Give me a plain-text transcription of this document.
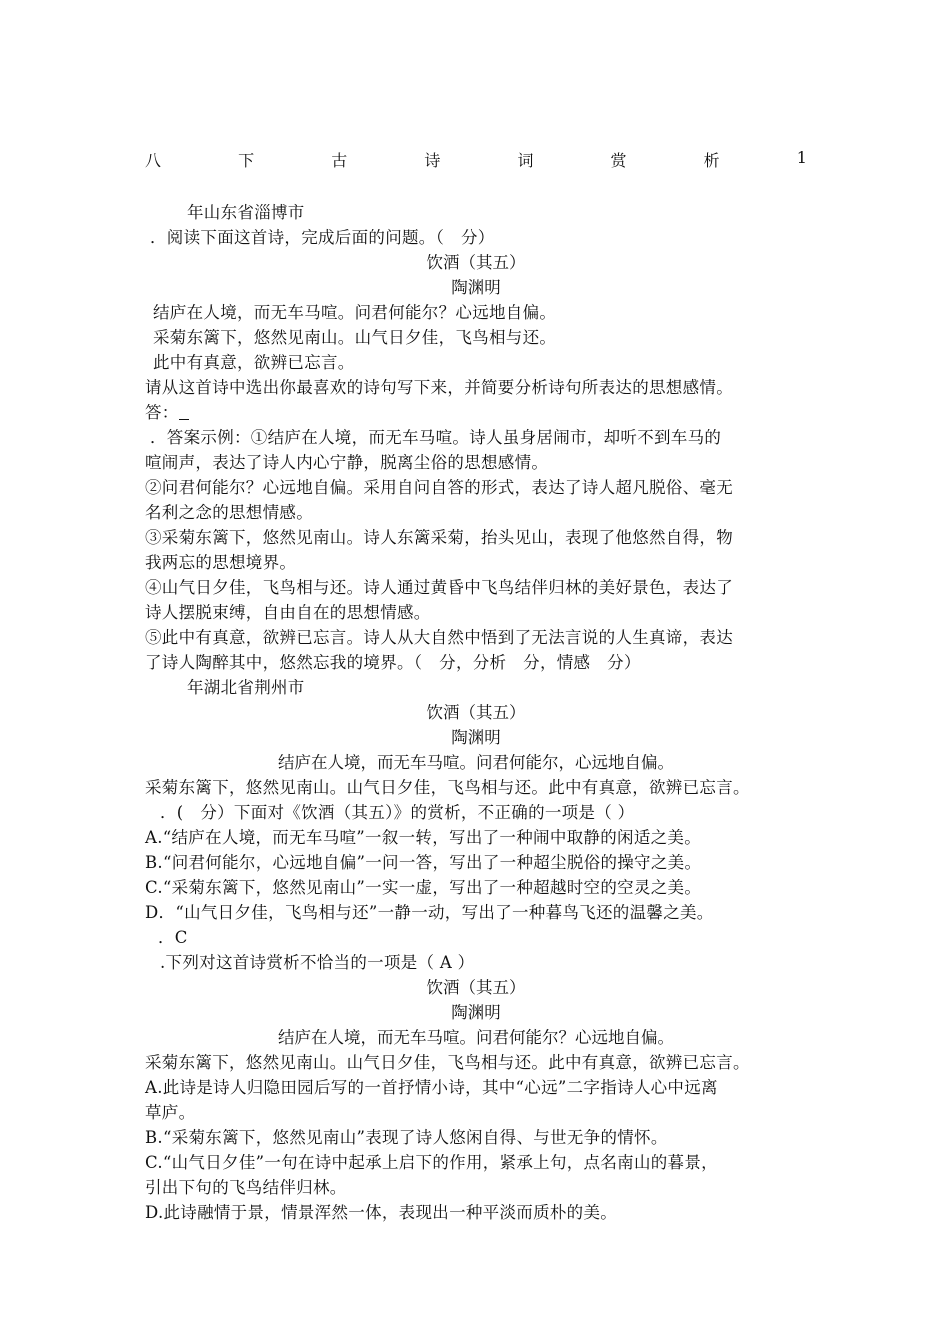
八	下	古	诗	词	赏	析	1
年山东省淄博市
．阅读下面这首诗，完成后面的问题。（　分）
饮酒（其五）
陶渊明
结庐在人境，而无车马喧。问君何能尔？心远地自偏。
采菊东篱下，悠然见南山。山气日夕佳，飞鸟相与还。
此中有真意，欲辨已忘言。
请从这首诗中选出你最喜欢的诗句写下来，并简要分析诗句所表达的思想感情。
答：
．答案示例：①结庐在人境，而无车马喧。诗人虽身居闹市，却听不到车马的
喧闹声，表达了诗人内心宁静，脱离尘俗的思想感情。
②问君何能尔？心远地自偏。采用自问自答的形式，表达了诗人超凡脱俗、毫无
名利之念的思想情感。
③采菊东篱下，悠然见南山。诗人东篱采菊，抬头见山，表现了他悠然自得，物
我两忘的思想境界。
④山气日夕佳，飞鸟相与还。诗人通过黄昏中飞鸟结伴归林的美好景色，表达了
诗人摆脱束缚，自由自在的思想情感。
⑤此中有真意，欲辨已忘言。诗人从大自然中悟到了无法言说的人生真谛，表达
了诗人陶醉其中，悠然忘我的境界。（　分，分析　分，情感　分）
年湖北省荆州市
饮酒（其五）
陶渊明
结庐在人境，而无车马喧。问君何能尔，心远地自偏。
采菊东篱下，悠然见南山。山气日夕佳，飞鸟相与还。此中有真意，欲辨已忘言。
．(　分）下面对《饮酒（其五）》的赏析，不正确的一项是（ ）
A.“结庐在人境，而无车马喧”一叙一转，写出了一种闹中取静的闲适之美。
B.“问君何能尔，心远地自偏”一问一答，写出了一种超尘脱俗的操守之美。
C.“采菊东篱下，悠然见南山”一实一虚，写出了一种超越时空的空灵之美。
D．“山气日夕佳，飞鸟相与还”一静一动，写出了一种暮鸟飞还的温馨之美。
．C
.下列对这首诗赏析不恰当的一项是（ A ）
饮酒（其五）
陶渊明
结庐在人境，而无车马喧。问君何能尔？心远地自偏。
采菊东篱下，悠然见南山。山气日夕佳，飞鸟相与还。此中有真意，欲辨已忘言。
A.此诗是诗人归隐田园后写的一首抒情小诗，其中“心远”二字指诗人心中远离
草庐。
B.“采菊东篱下，悠然见南山”表现了诗人悠闲自得、与世无争的情怀。
C.“山气日夕佳”一句在诗中起承上启下的作用，紧承上句，点名南山的暮景，
引出下句的飞鸟结伴归林。
D.此诗融情于景，情景浑然一体，表现出一种平淡而质朴的美。
